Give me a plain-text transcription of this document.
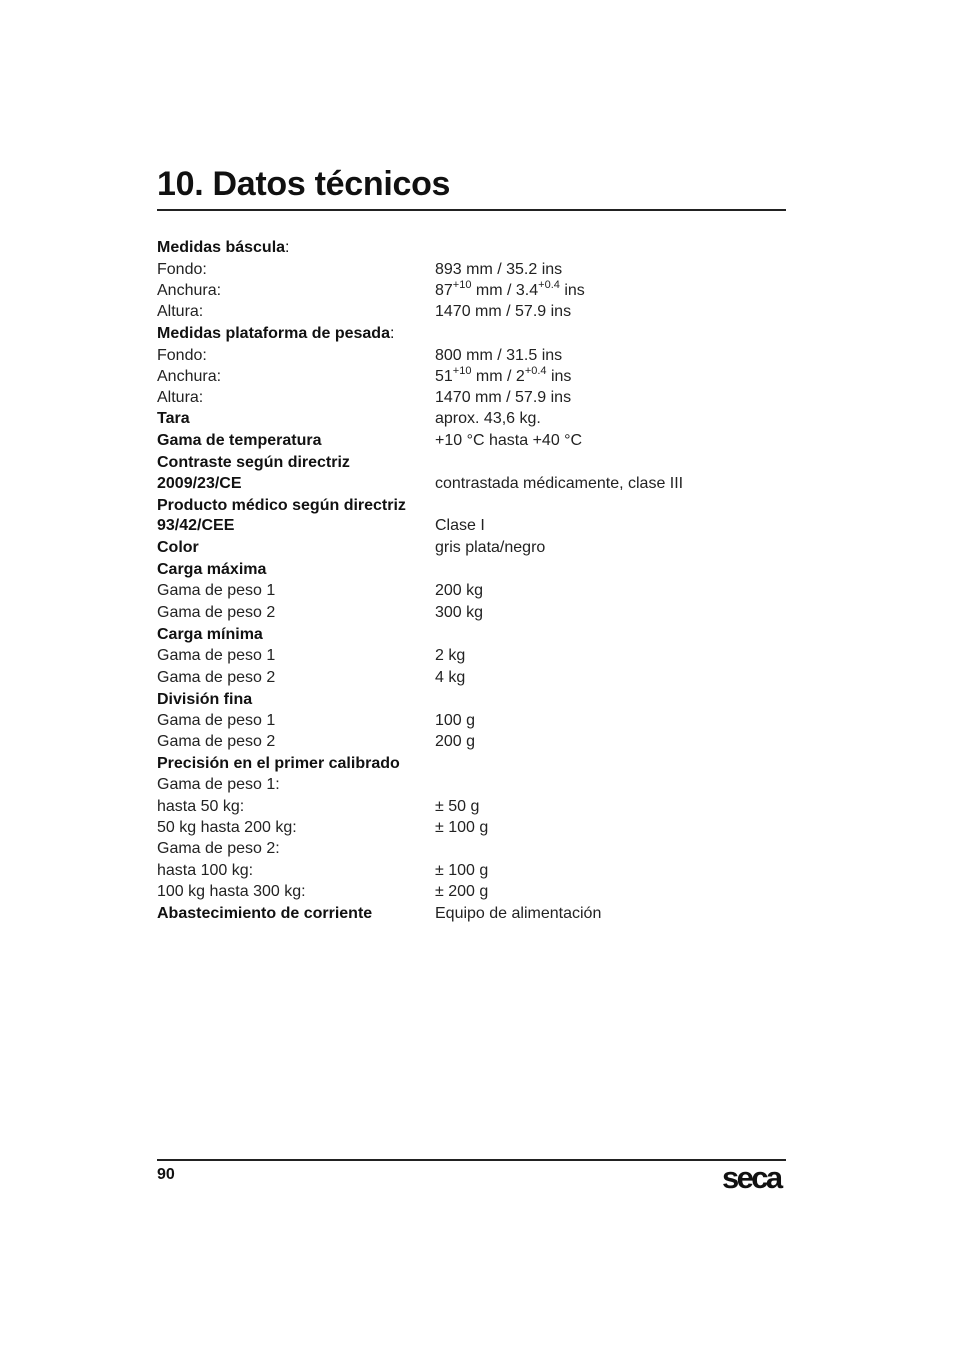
10. Datos técnicos
Medidas báscula:
Fondo:	893 mm / 35.2 ins
Anchura:	$87^{+10}$ mm / $3.4^{+0.4}$ ins
Altura:	1470 mm / 57.9 ins
Medidas plataforma de pesada:
Fondo:	800 mm / 31.5 ins
Anchura:	$51^{+10}$ mm / $2^{+0.4}$ ins
Altura:	1470 mm / 57.9 ins
Tara	aprox. 43,6 kg.
Gama de temperatura	+10 °C hasta +40 °C
Contraste según directriz
2009/23/CE	contrastada médicamente, clase III
Producto médico según directriz
93/42/CEE	Clase I
Color	gris plata/negro
Carga máxima
Gama de peso 1	200 kg
Gama de peso 2	300 kg
Carga mínima
Gama de peso 1	2 kg
Gama de peso 2	4 kg
División fina
Gama de peso 1	100 g
Gama de peso 2	200 g
Precisión en el primer calibrado
Gama de peso 1:
hasta 50 kg:	± 50 g
50 kg hasta 200 kg:	± 100 g
Gama de peso 2:
hasta 100 kg:	± 100 g
100 kg hasta 300 kg:	± 200 g
Abastecimiento de corriente	Equipo de alimentación
90	seca
